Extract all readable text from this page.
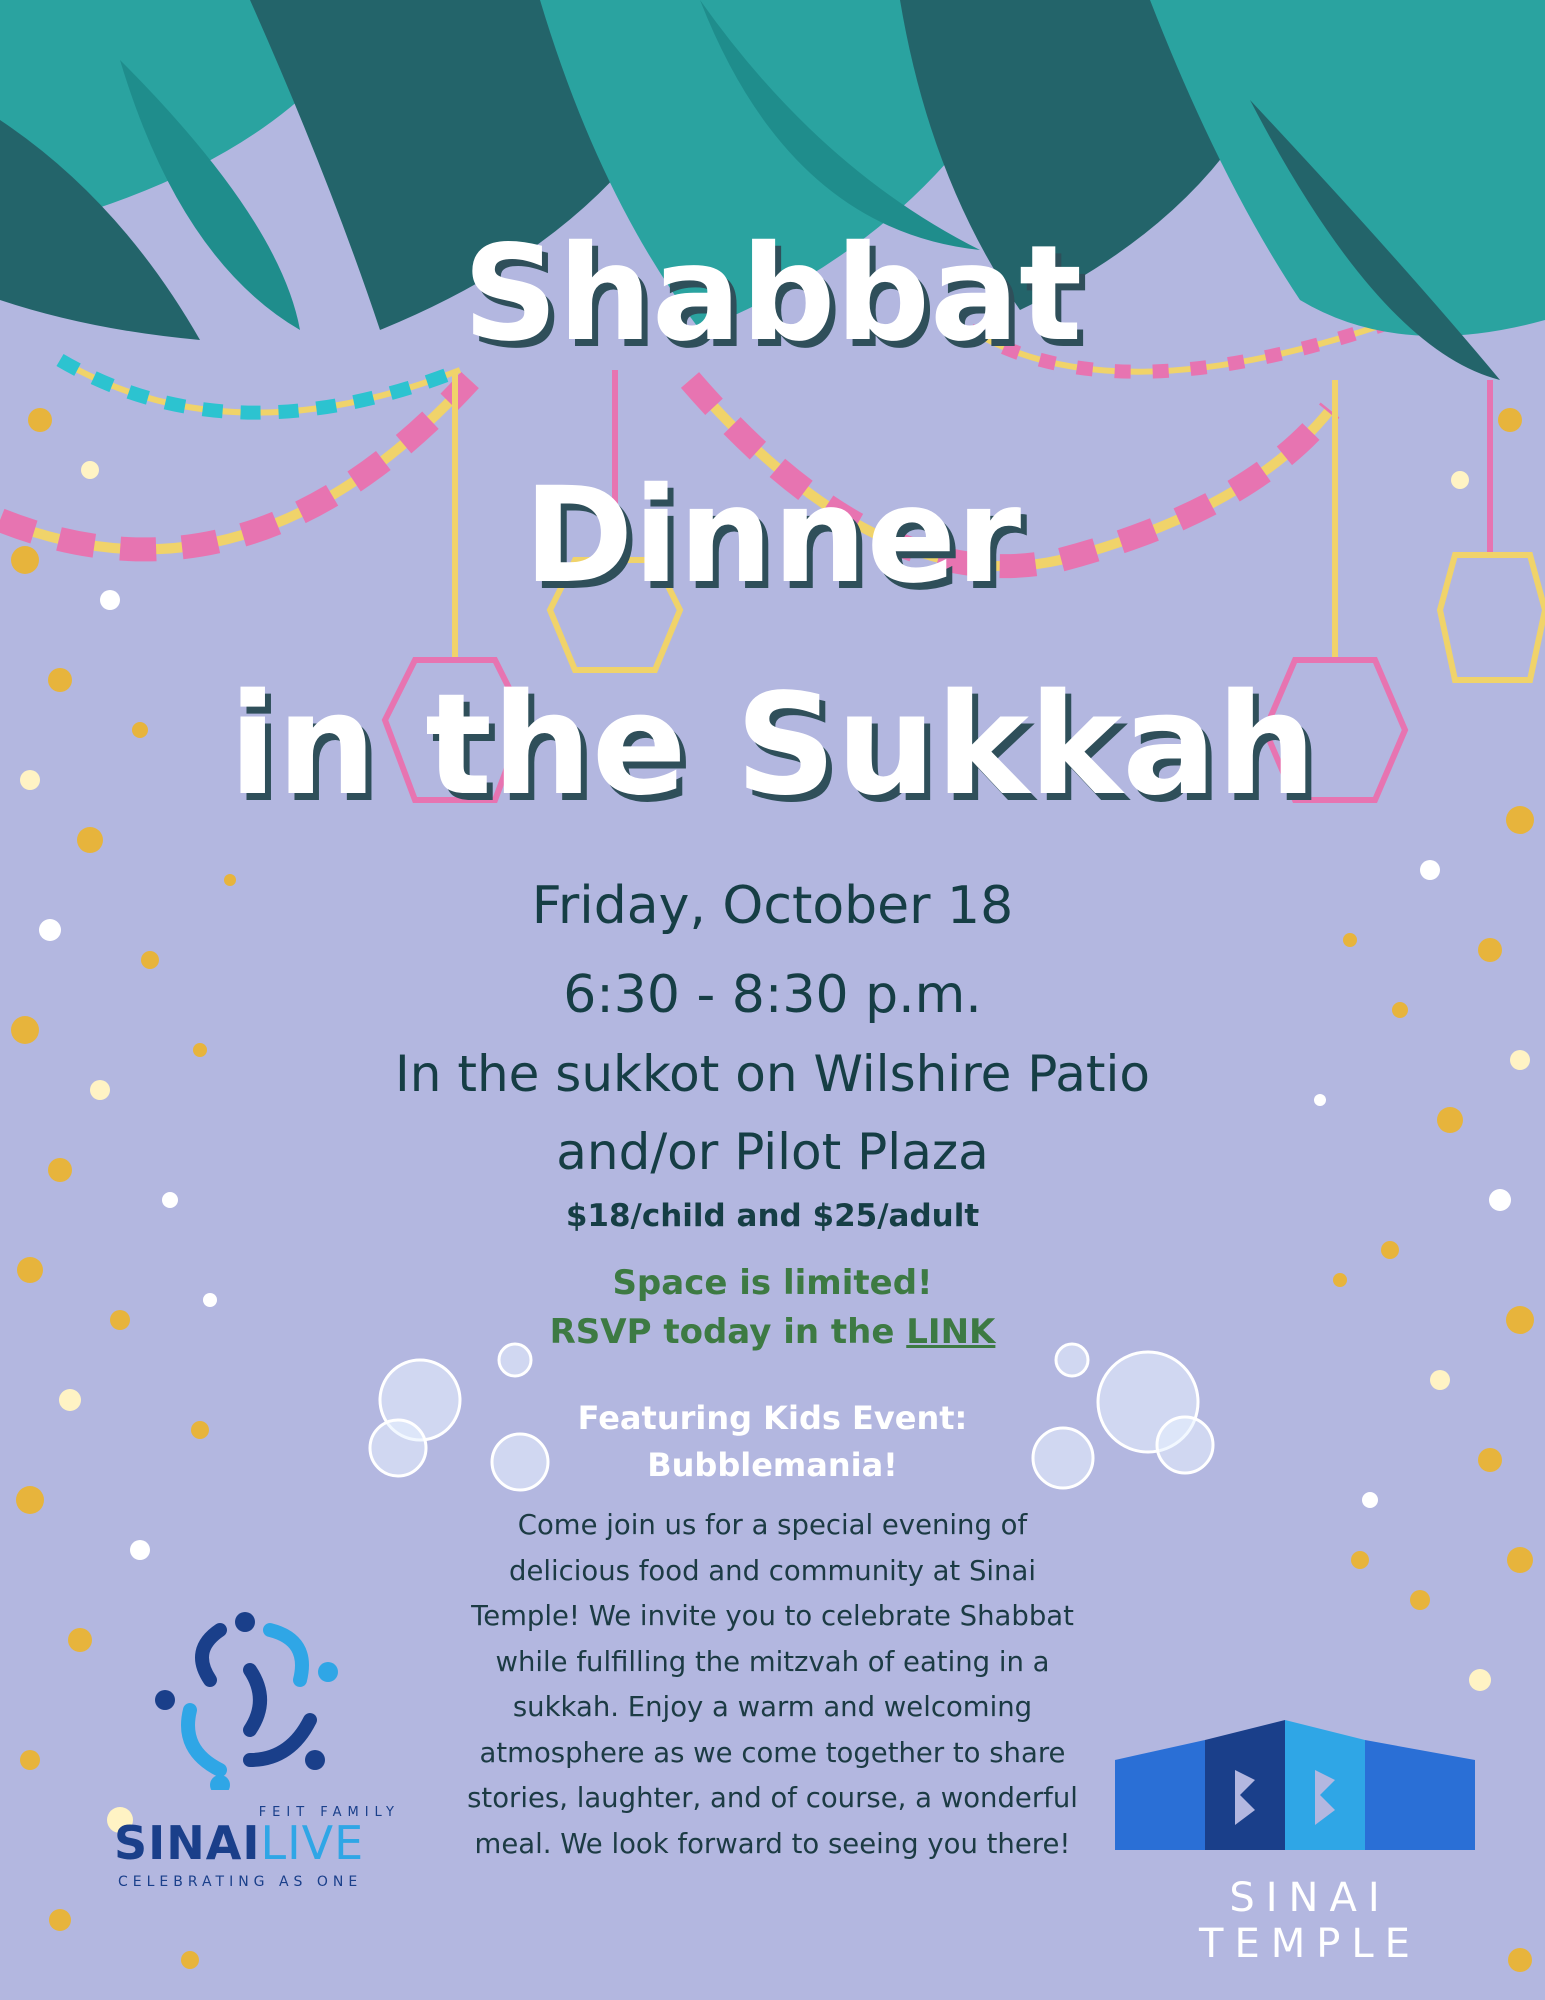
Shabbat
Dinner
in the Sukkah
Friday, October 18
6:30 - 8:30 p.m.
In the sukkot on Wilshire Patio
and/or Pilot Plaza
$18/child and $25/adult
Space is limited!
RSVP today in the LINK
Featuring Kids Event:
Bubblemania!
Come join us for a special evening of delicious food and community at Sinai Temple! We invite you to celebrate Shabbat while fulfilling the mitzvah of eating in a sukkah. Enjoy a warm and welcoming atmosphere as we come together to share stories, laughter, and of course, a wonderful meal. We look forward to seeing you there!
FEIT FAMILY
SINAILIVE
CELEBRATING AS ONE	SINAI TEMPLE
